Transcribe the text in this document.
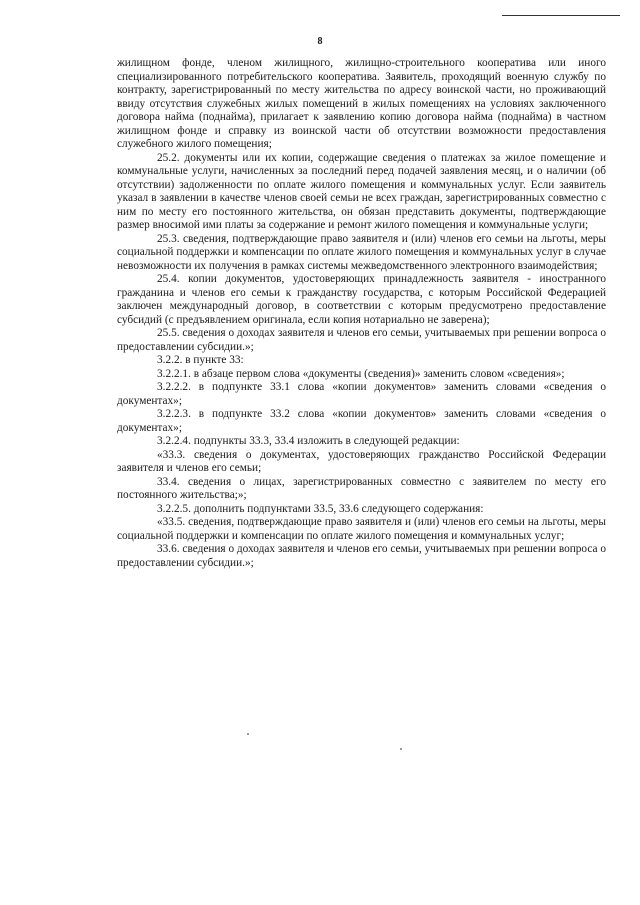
8

жилищном фонде, членом жилищного, жилищно-строительного кооператива или иного специализированного потребительского кооператива. Заявитель, проходящий военную службу по контракту, зарегистрированный по месту жительства по адресу воинской части, но проживающий ввиду отсутствия служебных жилых помещений в жилых помещениях на условиях заключенного договора найма (поднайма), прилагает к заявлению копию договора найма (поднайма) в частном жилищном фонде и справку из воинской части об отсутствии возможности предоставления служебного жилого помещения;

25.2. документы или их копии, содержащие сведения о платежах за жилое помещение и коммунальные услуги, начисленных за последний перед подачей заявления месяц, и о наличии (об отсутствии) задолженности по оплате жилого помещения и коммунальных услуг. Если заявитель указал в заявлении в качестве членов своей семьи не всех граждан, зарегистрированных совместно с ним по месту его постоянного жительства, он обязан представить документы, подтверждающие размер вносимой ими платы за содержание и ремонт жилого помещения и коммунальные услуги;

25.3. сведения, подтверждающие право заявителя и (или) членов его семьи на льготы, меры социальной поддержки и компенсации по оплате жилого помещения и коммунальных услуг в случае невозможности их получения в рамках системы межведомственного электронного взаимодействия;

25.4. копии документов, удостоверяющих принадлежность заявителя - иностранного гражданина и членов его семьи к гражданству государства, с которым Российской Федерацией заключен международный договор, в соответствии с которым предусмотрено предоставление субсидий (с предъявлением оригинала, если копия нотариально не заверена);

25.5. сведения о доходах заявителя и членов его семьи, учитываемых при решении вопроса о предоставлении субсидии.»;

3.2.2. в пункте 33:

3.2.2.1. в абзаце первом слова «документы (сведения)» заменить словом «сведения»;

3.2.2.2. в подпункте 33.1 слова «копии документов» заменить словами «сведения о документах»;

3.2.2.3. в подпункте 33.2 слова «копии документов» заменить словами «сведения о документах»;

3.2.2.4. подпункты 33.3, 33.4 изложить в следующей редакции:

«33.3. сведения о документах, удостоверяющих гражданство Российской Федерации заявителя и членов его семьи;

33.4. сведения о лицах, зарегистрированных совместно с заявителем по месту его постоянного жительства;»;

3.2.2.5. дополнить подпунктами 33.5, 33.6 следующего содержания:

«33.5. сведения, подтверждающие право заявителя и (или) членов его семьи на льготы, меры социальной поддержки и компенсации по оплате жилого помещения и коммунальных услуг;

33.6. сведения о доходах заявителя и членов его семьи, учитываемых при решении вопроса о предоставлении субсидии.»;
